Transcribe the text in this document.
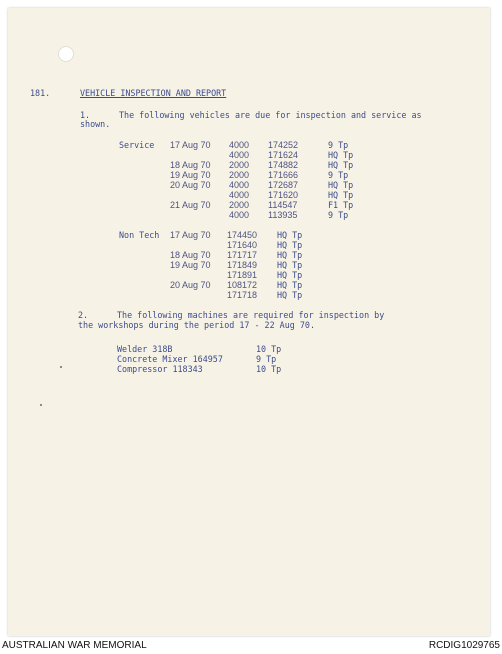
181.	VEHICLE INSPECTION AND REPORT
1.	The following vehicles are due for inspection and service as
shown.
Service 17 Aug 70 4000 174252	9 Tp
4000 171624	HQ Tp
18 Aug 70 2000 174882	HQ Tp
19 Aug 70 2000 171666	9 Tp
20 Aug 70 4000 172687	HQ Tp
4000 171620	HQ Tp
21 Aug 70 2000 114547	F1 Tp
4000 113935	9 Tp
Non Tech 17 Aug 70 174450 HQ Tp
171640 HQ Tp
18 Aug 70 171717 HQ Tp
19 Aug 70 171849 HQ Tp
171891 HQ Tp
20 Aug 70 108172 HQ Tp
171718 HQ Tp
2.	The following machines are required for inspection by
the workshops during the period 17 - 22 Aug 70.
Welder 318B	10 Tp
Concrete Mixer 164957	9 Tp
Compressor 118343	10 Tp
AUSTRALIAN WAR MEMORIAL	RCDIG1029765
